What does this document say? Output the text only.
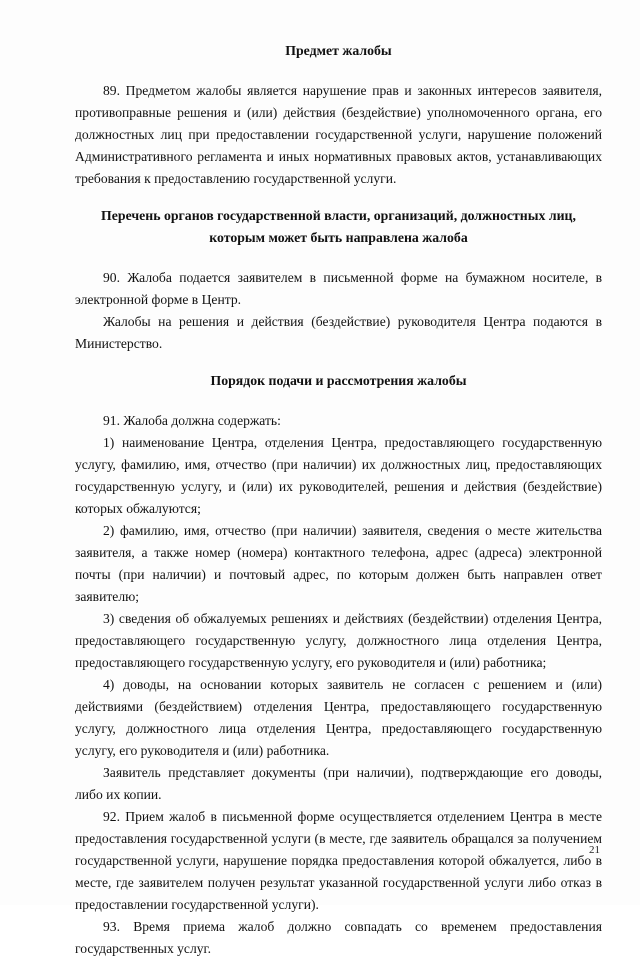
Предмет жалобы

89. Предметом жалобы является нарушение прав и законных интересов заявителя, противоправные решения и (или) действия (бездействие) уполномоченного органа, его должностных лиц при предоставлении государственной услуги, нарушение положений Административного регламента и иных нормативных правовых актов, устанавливающих требования к предоставлению государственной услуги.

Перечень органов государственной власти, организаций, должностных лиц, которым может быть направлена жалоба

90. Жалоба подается заявителем в письменной форме на бумажном носителе, в электронной форме в Центр.

Жалобы на решения и действия (бездействие) руководителя Центра подаются в Министерство.

Порядок подачи и рассмотрения жалобы

91. Жалоба должна содержать:

1) наименование Центра, отделения Центра, предоставляющего государственную услугу, фамилию, имя, отчество (при наличии) их должностных лиц, предоставляющих государственную услугу, и (или) их руководителей, решения и действия (бездействие) которых обжалуются;

2) фамилию, имя, отчество (при наличии) заявителя, сведения о месте жительства заявителя, а также номер (номера) контактного телефона, адрес (адреса) электронной почты (при наличии) и почтовый адрес, по которым должен быть направлен ответ заявителю;

3) сведения об обжалуемых решениях и действиях (бездействии) отделения Центра, предоставляющего государственную услугу, должностного лица отделения Центра, предоставляющего государственную услугу, его руководителя и (или) работника;

4) доводы, на основании которых заявитель не согласен с решением и (или) действиями (бездействием) отделения Центра, предоставляющего государственную услугу, должностного лица отделения Центра, предоставляющего государственную услугу, его руководителя и (или) работника.

Заявитель представляет документы (при наличии), подтверждающие его доводы, либо их копии.

92. Прием жалоб в письменной форме осуществляется отделением Центра в месте предоставления государственной услуги (в месте, где заявитель обращался за получением государственной услуги, нарушение порядка предоставления которой обжалуется, либо в месте, где заявителем получен результат указанной государственной услуги либо отказ в предоставлении государственной услуги).

93. Время приема жалоб должно совпадать со временем предоставления государственных услуг.

21
